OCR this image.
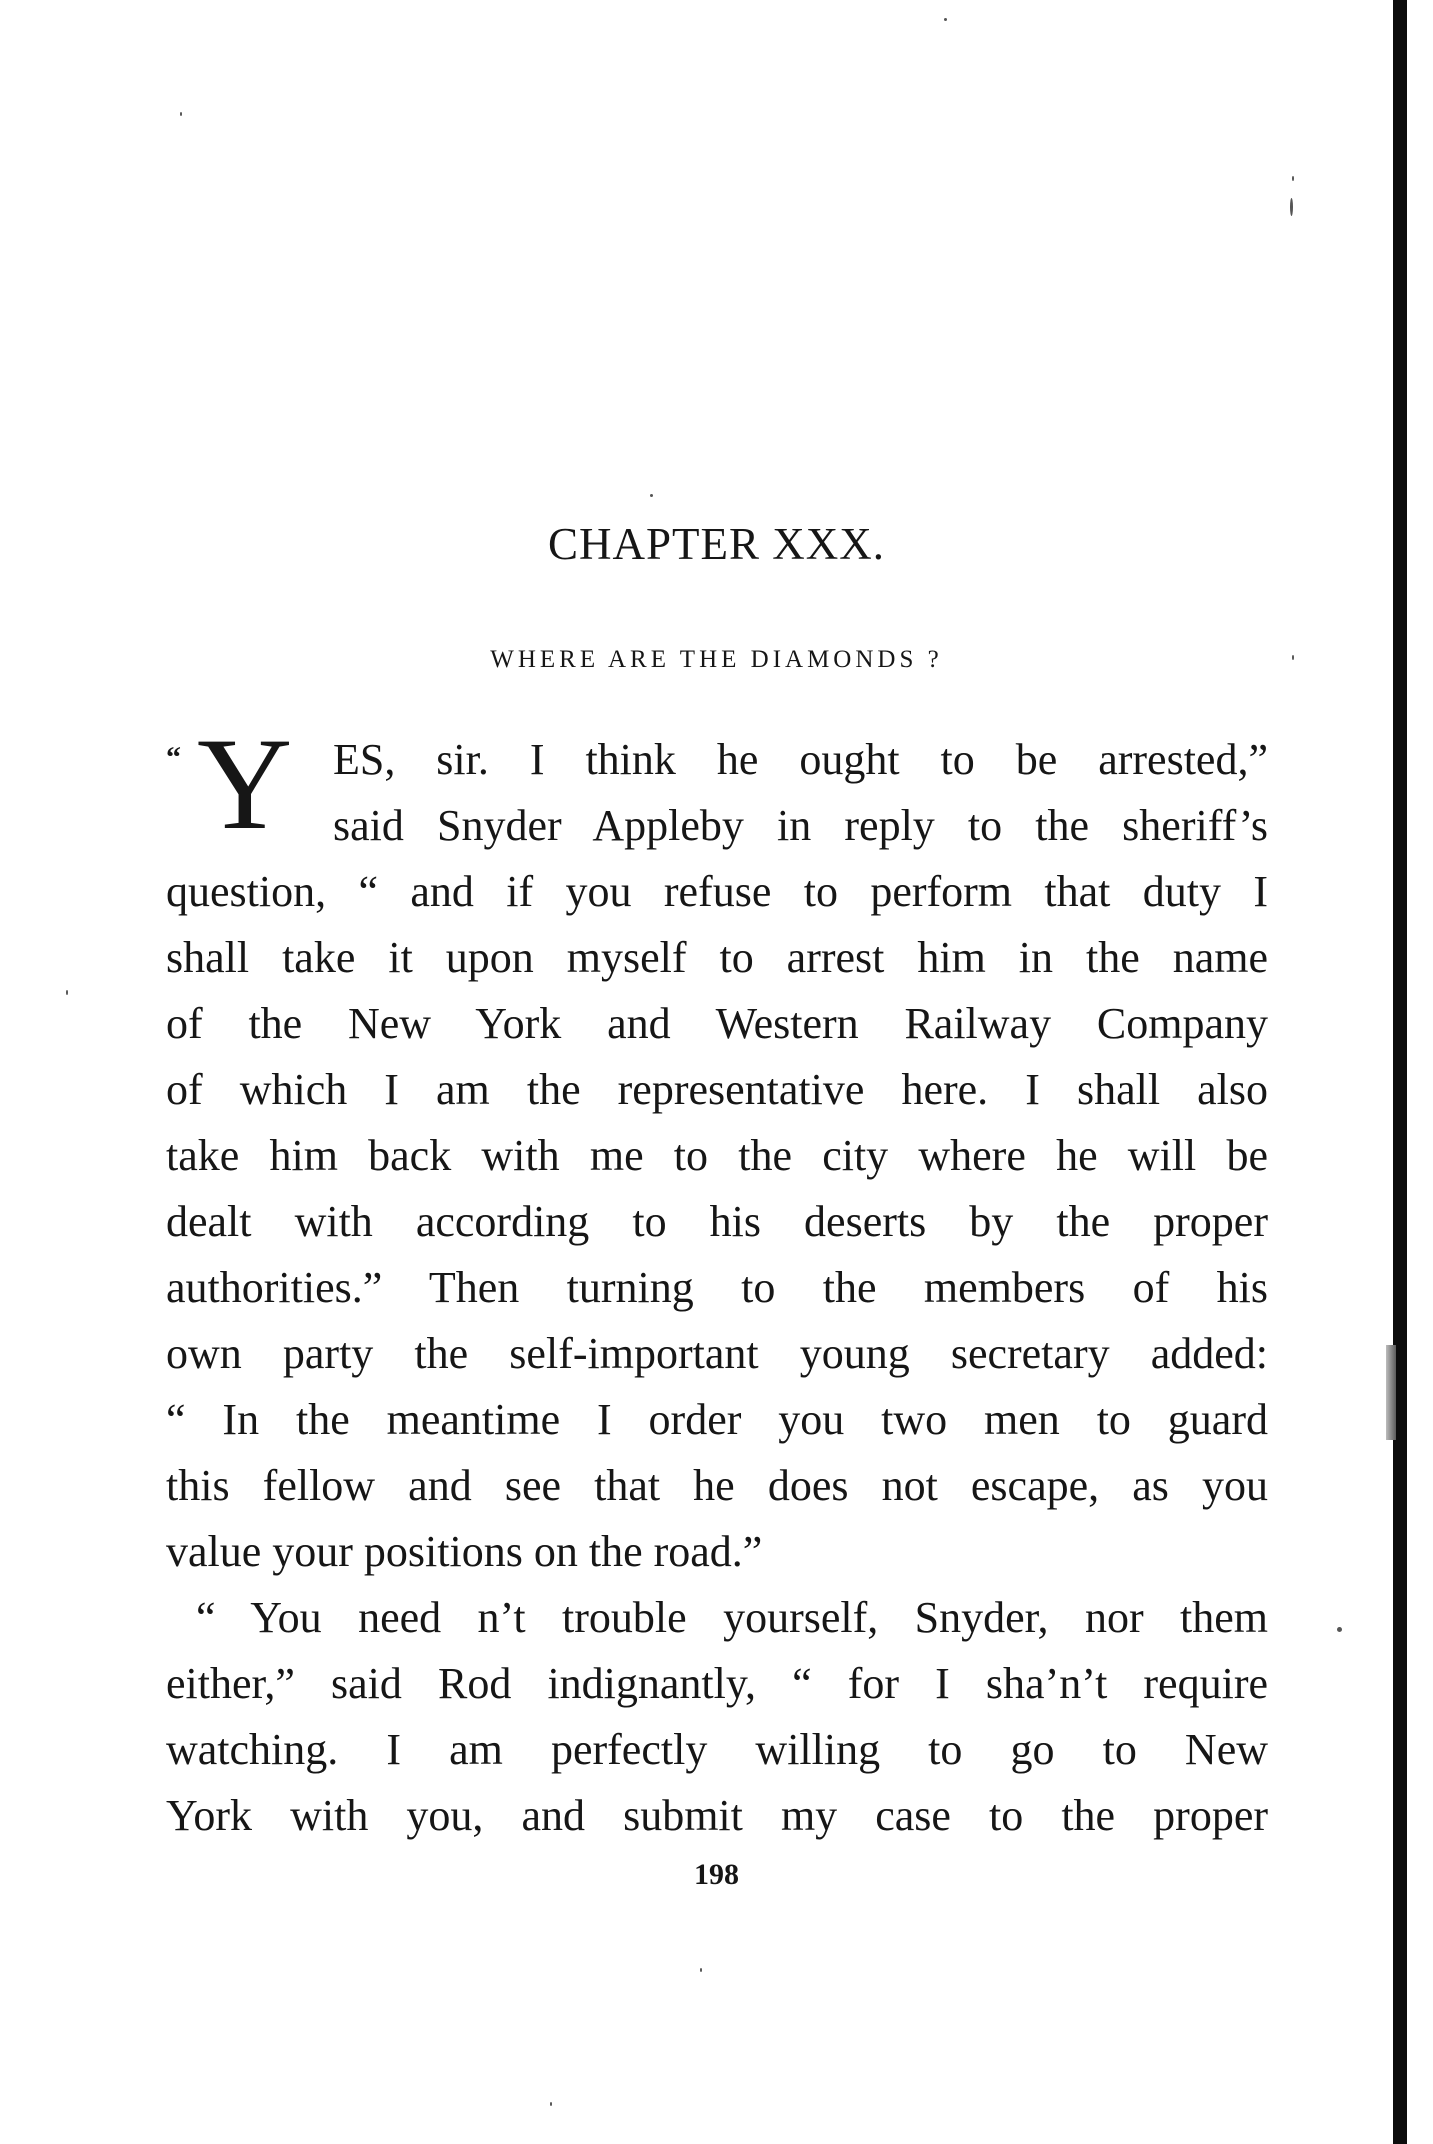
CHAPTER XXX.
WHERE ARE THE DIAMONDS ?
“ Y ES, sir. I think he ought to be arrested,”
said Snyder Appleby in reply to the sheriff’s
question, “ and if you refuse to perform that duty I
shall take it upon myself to arrest him in the name
of the New York and Western Railway Company
of which I am the representative here. I shall also
take him back with me to the city where he will be
dealt with according to his deserts by the proper
authorities.” Then turning to the members of his
own party the self-important young secretary added:
“ In the meantime I order you two men to guard
this fellow and see that he does not escape, as you
value your positions on the road.”
“ You need n’t trouble yourself, Snyder, nor them
either,” said Rod indignantly, “ for I sha’n’t require
watching. I am perfectly willing to go to New
York with you, and submit my case to the proper
198
